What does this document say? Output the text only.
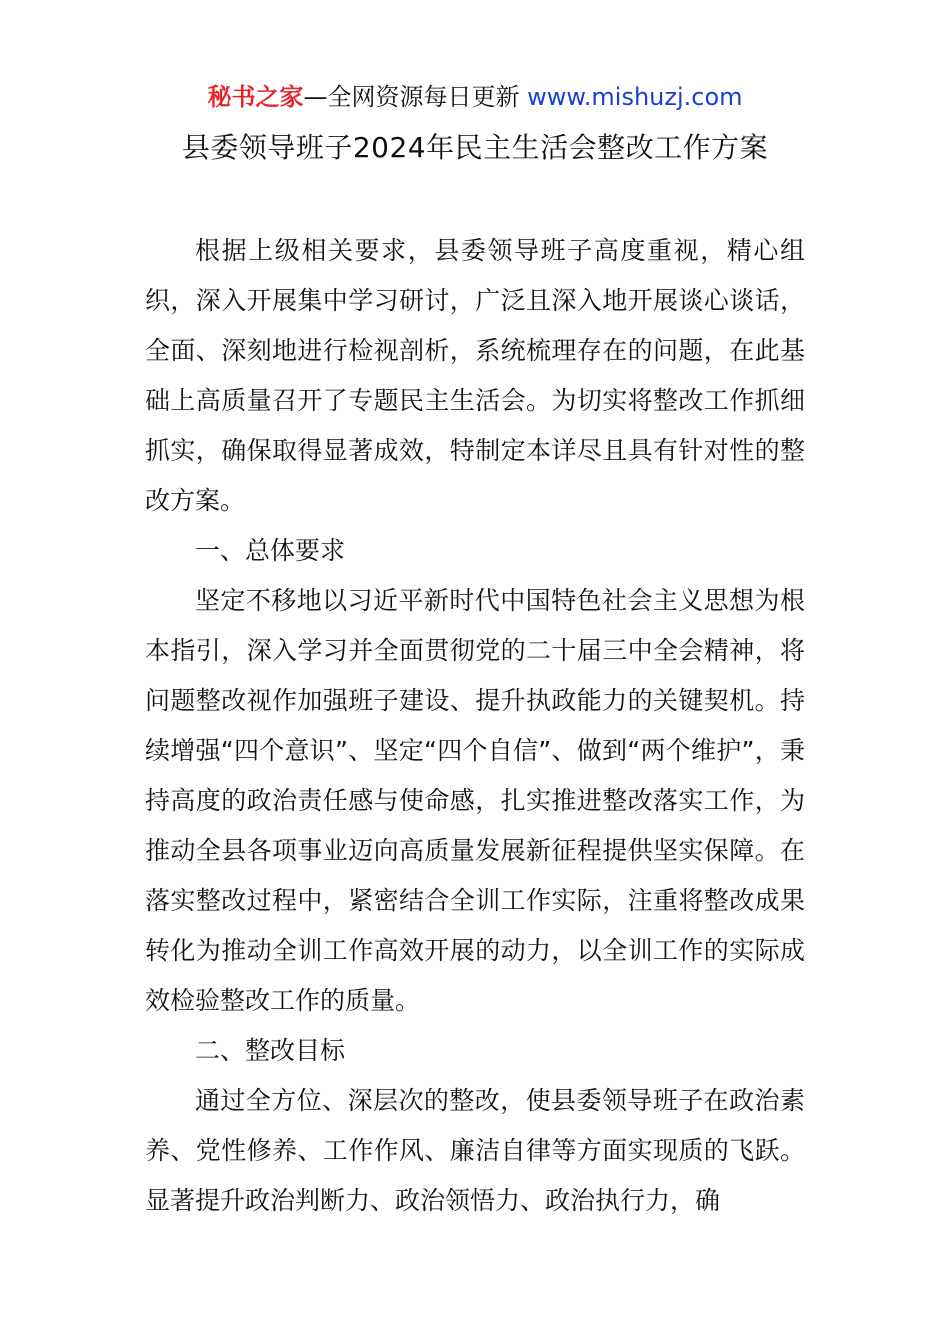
秘书之家—全网资源每日更新 www.mishuzj.com
县委领导班子2024年民主生活会整改工作方案

根据上级相关要求，县委领导班子高度重视，精心组织，深入开展集中学习研讨，广泛且深入地开展谈心谈话，全面、深刻地进行检视剖析，系统梳理存在的问题，在此基础上高质量召开了专题民主生活会。为切实将整改工作抓细抓实，确保取得显著成效，特制定本详尽且具有针对性的整改方案。

一、总体要求

坚定不移地以习近平新时代中国特色社会主义思想为根本指引，深入学习并全面贯彻党的二十届三中全会精神，将问题整改视作加强班子建设、提升执政能力的关键契机。持续增强“四个意识”、坚定“四个自信”、做到“两个维护”，秉持高度的政治责任感与使命感，扎实推进整改落实工作，为推动全县各项事业迈向高质量发展新征程提供坚实保障。在落实整改过程中，紧密结合全训工作实际，注重将整改成果转化为推动全训工作高效开展的动力，以全训工作的实际成效检验整改工作的质量。

二、整改目标

通过全方位、深层次的整改，使县委领导班子在政治素养、党性修养、工作作风、廉洁自律等方面实现质的飞跃。显著提升政治判断力、政治领悟力、政治执行力，确
